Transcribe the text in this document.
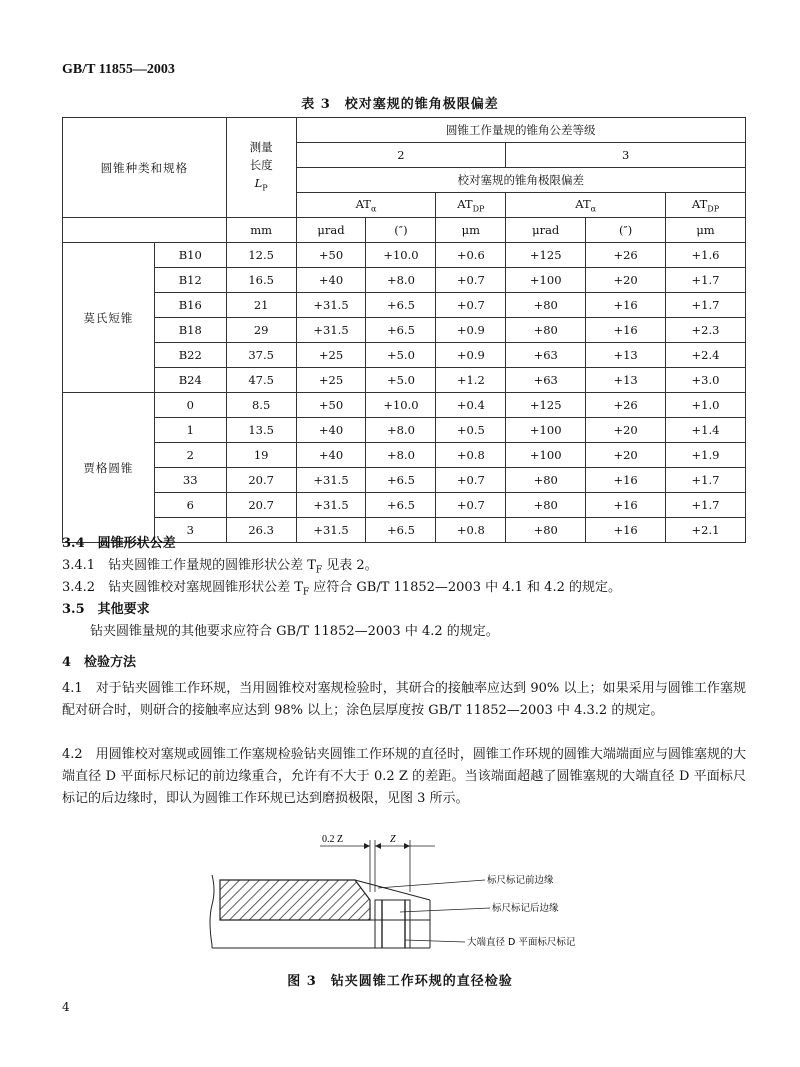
GB/T 11855—2003
表 3　校对塞规的锥角极限偏差
圆锥种类和规格		测量
长度
$L_P$	圆锥工作量规的锥角公差等级					
			2			3		
			校对塞规的锥角极限偏差					
			$AT_\alpha$		$AT_{DP}$	$AT_\alpha$		$AT_{DP}$
		mm	μrad	(″)	μm	μrad	(″)	μm
莫氏短锥	B10	12.5	+50	+10.0	+0.6	+125	+26	+1.6
	B12	16.5	+40	+8.0	+0.7	+100	+20	+1.7
	B16	21	+31.5	+6.5	+0.7	+80	+16	+1.7
	B18	29	+31.5	+6.5	+0.9	+80	+16	+2.3
	B22	37.5	+25	+5.0	+0.9	+63	+13	+2.4
	B24	47.5	+25	+5.0	+1.2	+63	+13	+3.0
贾格圆锥	0	8.5	+50	+10.0	+0.4	+125	+26	+1.0
	1	13.5	+40	+8.0	+0.5	+100	+20	+1.4
	2	19	+40	+8.0	+0.8	+100	+20	+1.9
	33	20.7	+31.5	+6.5	+0.7	+80	+16	+1.7
	6	20.7	+31.5	+6.5	+0.7	+80	+16	+1.7
	3	26.3	+31.5	+6.5	+0.8	+80	+16	+2.1
3.4　圆锥形状公差
3.4.1　钻夹圆锥工作量规的圆锥形状公差 $T_F$ 见表 2。
3.4.2　钻夹圆锥校对塞规圆锥形状公差 $T_F$ 应符合 GB/T 11852—2003 中 4.1 和 4.2 的规定。
3.5　其他要求
钻夹圆锥量规的其他要求应符合 GB/T 11852—2003 中 4.2 的规定。
4　检验方法
4.1　对于钻夹圆锥工作环规，当用圆锥校对塞规检验时，其研合的接触率应达到 90% 以上；如果采用与圆锥工作塞规配对研合时，则研合的接触率应达到 98% 以上；涂色层厚度按 GB/T 11852—2003 中 4.3.2 的规定。
4.2　用圆锥校对塞规或圆锥工作塞规检验钻夹圆锥工作环规的直径时，圆锥工作环规的圆锥大端端面应与圆锥塞规的大端直径 D 平面标尺标记的前边缘重合，允许有不大于 0.2 Z 的差距。当该端面超越了圆锥塞规的大端直径 D 平面标尺标记的后边缘时，即认为圆锥工作环规已达到磨损极限，见图 3 所示。
0.2 Z	Z
标尺标记前边缘
标尺标记后边缘
大端直径 D 平面标尺标记
图 3　钻夹圆锥工作环规的直径检验
4
